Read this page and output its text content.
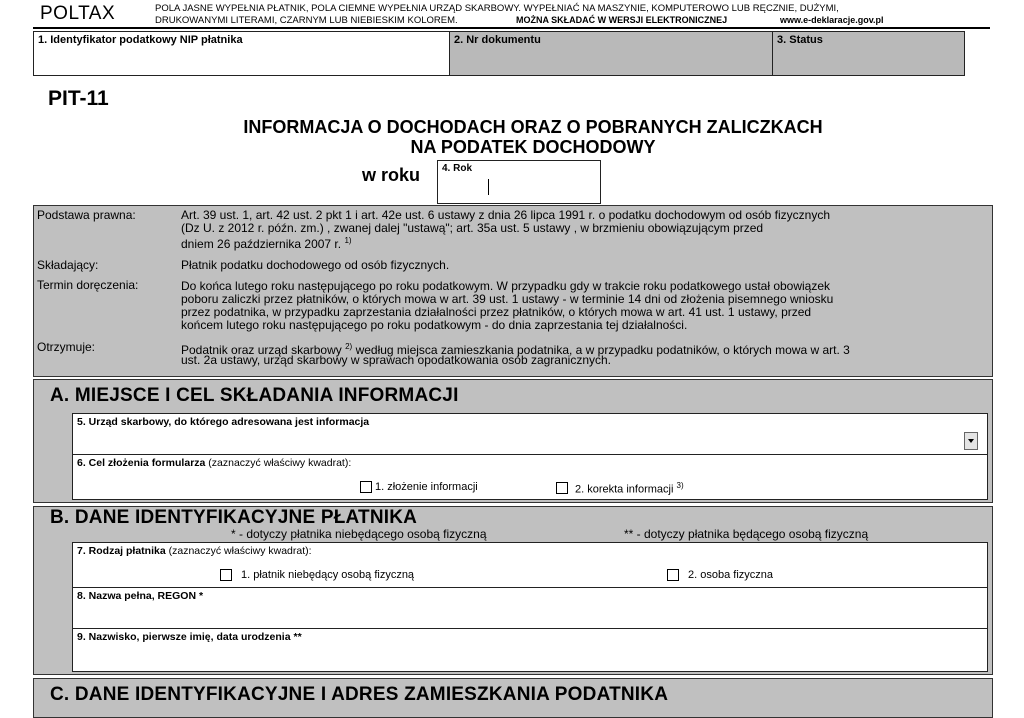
POLTAX	POLA JASNE WYPEŁNIA PŁATNIK, POLA CIEMNE WYPEŁNIA URZĄD SKARBOWY. WYPEŁNIAĆ NA MASZYNIE, KOMPUTEROWO LUB RĘCZNIE, DUŻYMI,
DRUKOWANYMI LITERAMI, CZARNYM LUB NIEBIESKIM KOLOREM.	MOŻNA SKŁADAĆ W WERSJI ELEKTRONICZNEJ	www.e-deklaracje.gov.pl
1. Identyfikator podatkowy NIP płatnika	2. Nr dokumentu	3. Status
PIT-11
INFORMACJA O DOCHODACH ORAZ O POBRANYCH ZALICZKACH
NA PODATEK DOCHODOWY
w roku 4. Rok
Podstawa prawna:	Art. 39 ust. 1, art. 42 ust. 2 pkt 1 i art. 42e ust. 6 ustawy z dnia 26 lipca 1991 r. o podatku dochodowym od osób fizycznych
(Dz U. z 2012 r. późn. zm.) , zwanej dalej "ustawą"; art. 35a ust. 5 ustawy , w brzmieniu obowiązującym przed
dniem 26 października 2007 r. $^{1)}$
Składający:	Płatnik podatku dochodowego od osób fizycznych.
Termin doręczenia:	Do końca lutego roku następującego po roku podatkowym. W przypadku gdy w trakcie roku podatkowego ustał obowiązek
poboru zaliczki przez płatników, o których mowa w art. 39 ust. 1 ustawy - w terminie 14 dni od złożenia pisemnego wniosku
przez podatnika, w przypadku zaprzestania działalności przez płatników, o których mowa w art. 41 ust. 1 ustawy, przed
końcem lutego roku następującego po roku podatkowym - do dnia zaprzestania tej działalności.
Otrzymuje:	Podatnik oraz urząd skarbowy $^{2)}$ według miejsca zamieszkania podatnika, a w przypadku podatników, o których mowa w art. 3
ust. 2a ustawy, urząd skarbowy w sprawach opodatkowania osób zagranicznych.
A. MIEJSCE I CEL SKŁADANIA INFORMACJI
5. Urząd skarbowy, do którego adresowana jest informacja
6. Cel złożenia formularza (zaznaczyć właściwy kwadrat):
1. złożenie informacji	2. korekta informacji $^{3)}$
B. DANE IDENTYFIKACYJNE PŁATNIKA
* - dotyczy płatnika niebędącego osobą fizyczną	** - dotyczy płatnika będącego osobą fizyczną
7. Rodzaj płatnika (zaznaczyć właściwy kwadrat):
1. płatnik niebędący osobą fizyczną	2. osoba fizyczna
8. Nazwa pełna, REGON *
9. Nazwisko, pierwsze imię, data urodzenia **
C. DANE IDENTYFIKACYJNE I ADRES ZAMIESZKANIA PODATNIKA
